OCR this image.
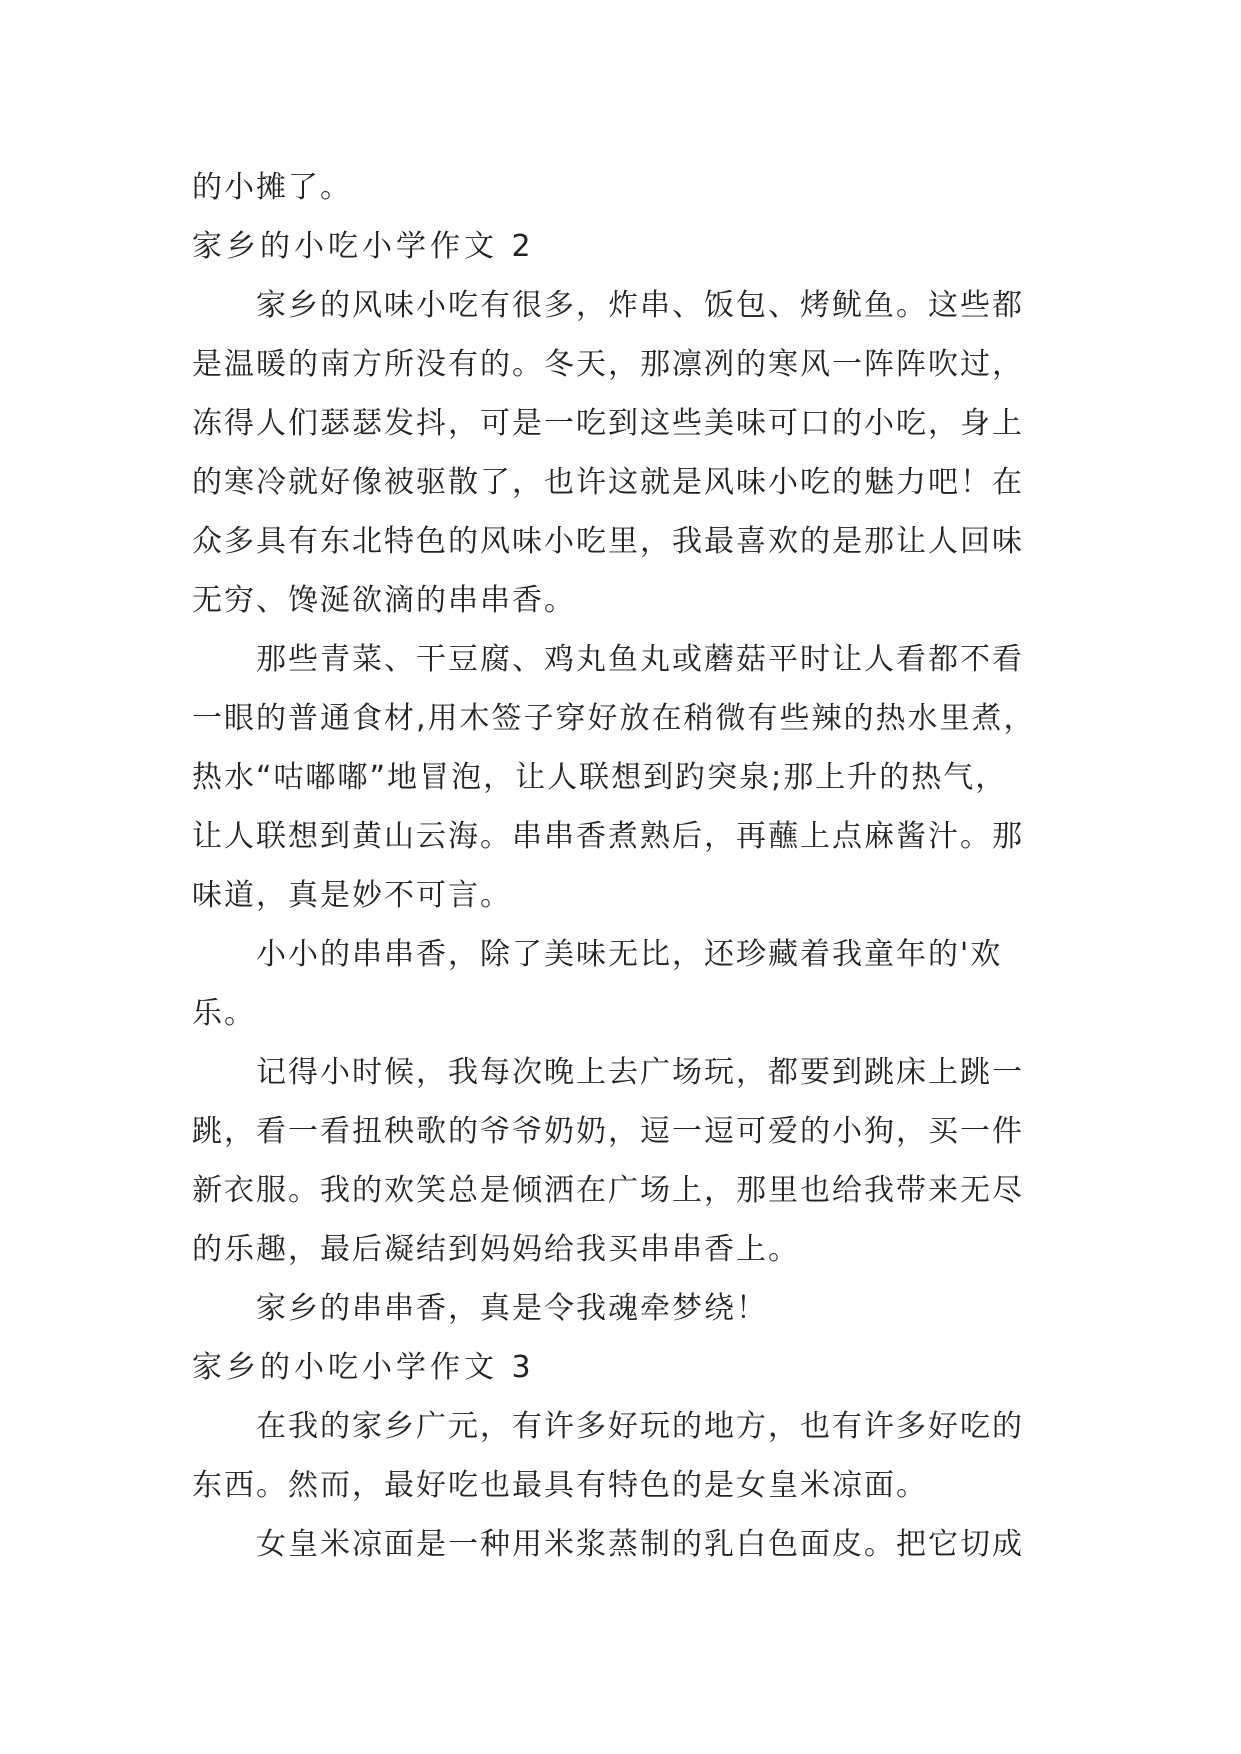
的小摊了。
家乡的小吃小学作文 2
家乡的风味小吃有很多，炸串、饭包、烤鱿鱼。这些都
是温暖的南方所没有的。冬天，那凛冽的寒风一阵阵吹过，
冻得人们瑟瑟发抖，可是一吃到这些美味可口的小吃，身上
的寒冷就好像被驱散了，也许这就是风味小吃的魅力吧！在
众多具有东北特色的风味小吃里，我最喜欢的是那让人回味
无穷、馋涎欲滴的串串香。
那些青菜、干豆腐、鸡丸鱼丸或蘑菇平时让人看都不看
一眼的普通食材,用木签子穿好放在稍微有些辣的热水里煮，
热水“咕嘟嘟”地冒泡，让人联想到趵突泉;那上升的热气，
让人联想到黄山云海。串串香煮熟后，再蘸上点麻酱汁。那
味道，真是妙不可言。
小小的串串香，除了美味无比，还珍藏着我童年的'欢
乐。
记得小时候，我每次晚上去广场玩，都要到跳床上跳一
跳，看一看扭秧歌的爷爷奶奶，逗一逗可爱的小狗，买一件
新衣服。我的欢笑总是倾洒在广场上，那里也给我带来无尽
的乐趣，最后凝结到妈妈给我买串串香上。
家乡的串串香，真是令我魂牵梦绕！
家乡的小吃小学作文 3
在我的家乡广元，有许多好玩的地方，也有许多好吃的
东西。然而，最好吃也最具有特色的是女皇米凉面。
女皇米凉面是一种用米浆蒸制的乳白色面皮。把它切成
